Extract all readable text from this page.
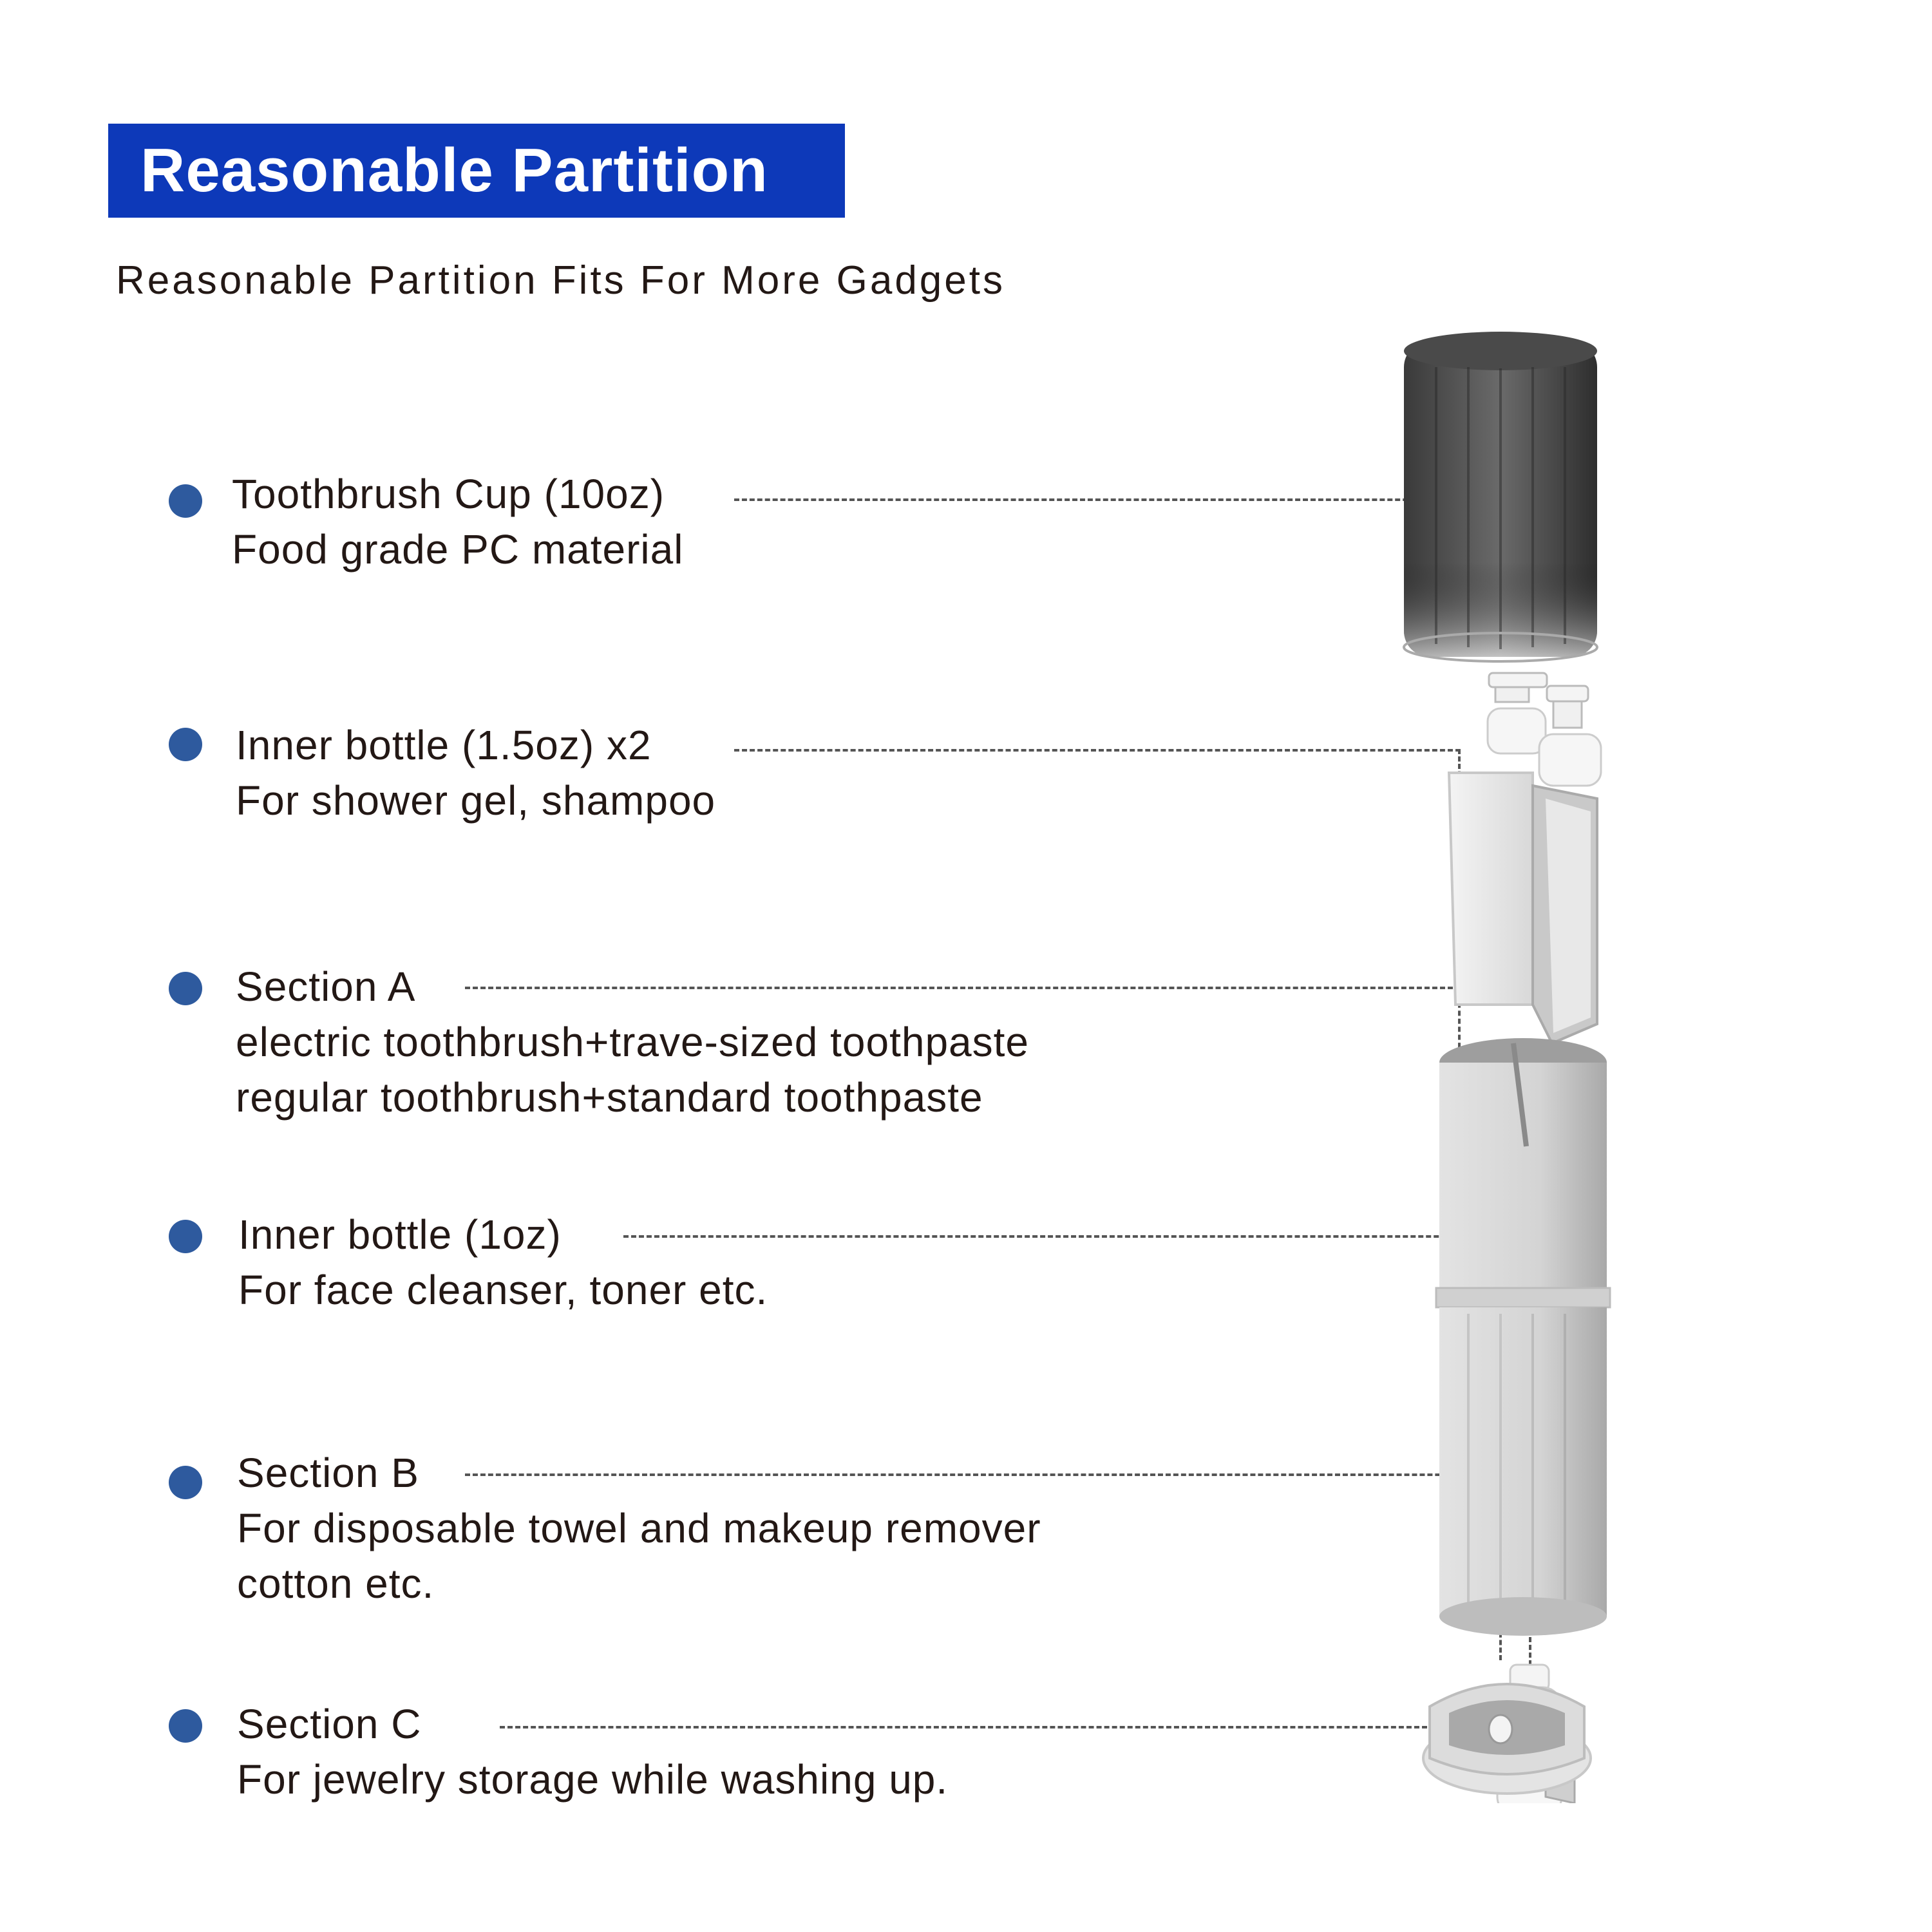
Reasonable Partition
Reasonable Partition Fits For More Gadgets
Toothbrush Cup (10oz)
Food grade PC material
Inner bottle (1.5oz) x2
For shower gel, shampoo
Section A
electric toothbrush+trave-sized toothpaste
regular toothbrush+standard toothpaste
Inner bottle (1oz)
For face cleanser, toner etc.
Section B
For disposable towel and makeup remover
cotton etc.
Section C
For jewelry storage while washing up.
